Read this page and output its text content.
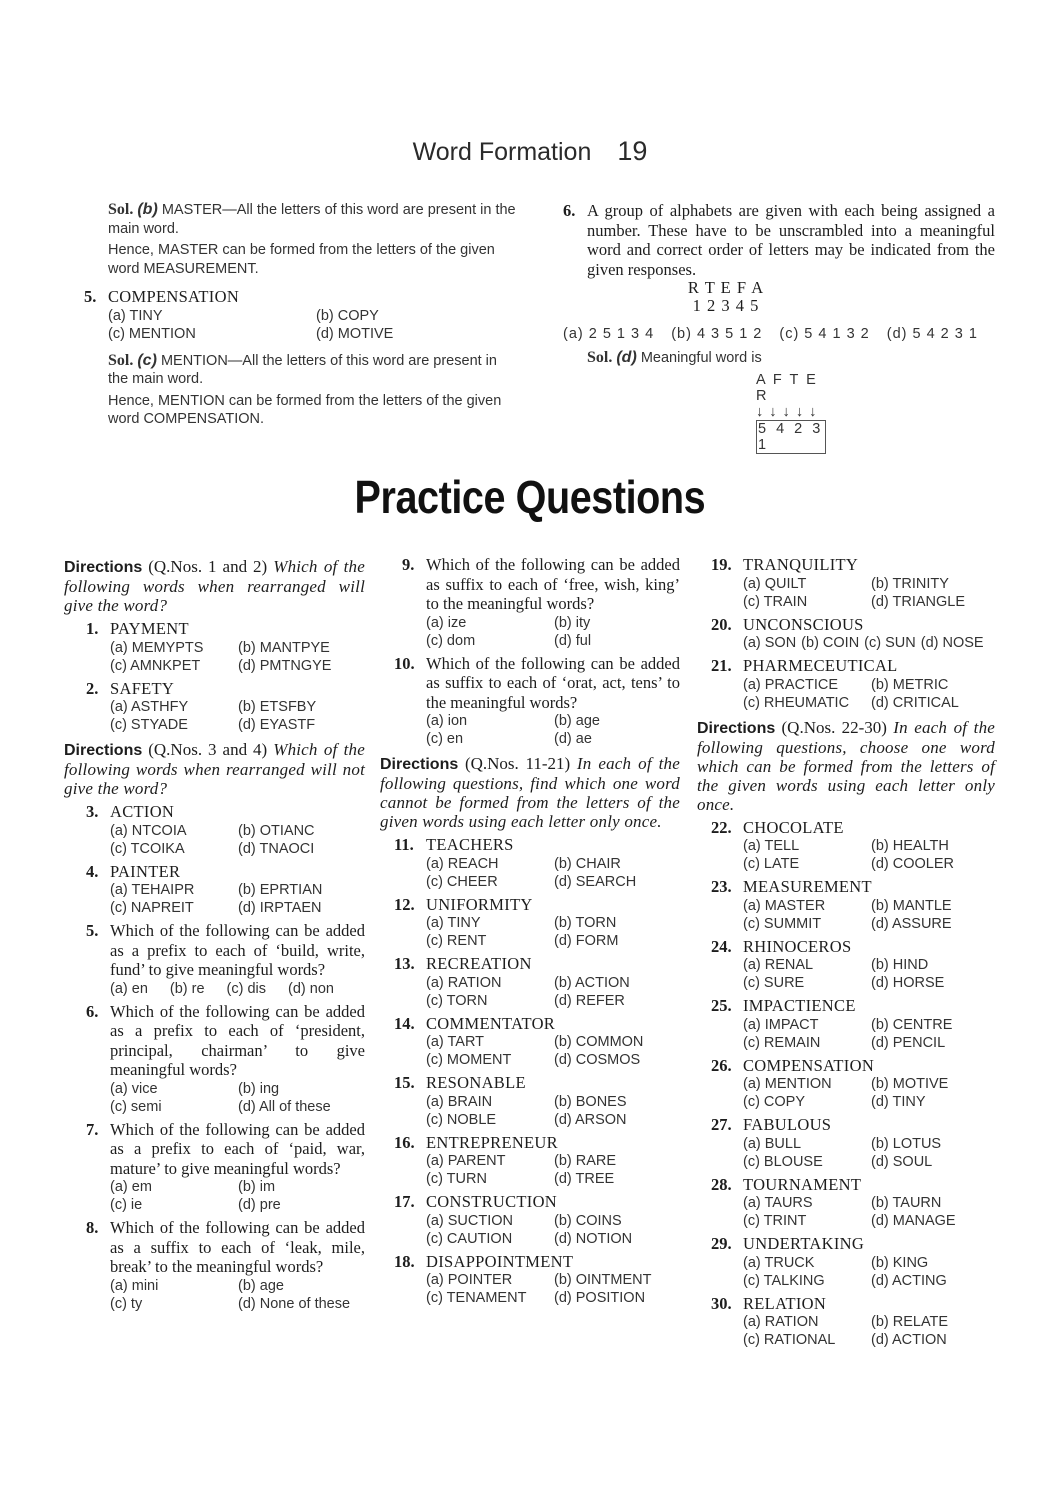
Word Formation 19

Sol. (b) MASTER—All the letters of this word are present in the main word.

Hence, MASTER can be formed from the letters of the given word MEASUREMENT.

5. COMPENSATION
(a) TINY	(b) COPY
(c) MENTION	(d) MOTIVE

Sol. (c) MENTION—All the letters of this word are present in the main word.

Hence, MENTION can be formed from the letters of the given word COMPENSATION.

6. A group of alphabets are given with each being assigned a number. These have to be unscrambled into a meaningful word and correct order of letters may be indicated from the given responses.
R T E F A
1 2 3 4 5
(a) 2 5 1 3 4 (b) 4 3 5 1 2 (c) 5 4 1 3 2 (d) 5 4 2 3 1

Sol. (d) Meaningful word is

A F T E R
↓ ↓ ↓ ↓ ↓
5 4 2 3 1
Practice Questions
Directions (Q.Nos. 1 and 2) Which of the following words when rearranged will give the word?
1. PAYMENT
(a) MEMYPTS	(b) MANTPYE
(c) AMNKPET	(d) PMTNGYE
2. SAFETY
(a) ASTHFY	(b) ETSFBY
(c) STYADE	(d) EYASTF
Directions (Q.Nos. 3 and 4) Which of the following words when rearranged will not give the word?
3. ACTION
(a) NTCOIA	(b) OTIANC
(c) TCOIKA	(d) TNAOCI
4. PAINTER
(a) TEHAIPR	(b) EPRTIAN
(c) NAPREIT	(d) IRPTAEN
5. Which of the following can be added as a prefix to each of ‘build, write, fund’ to give meaningful words?
(a) en (b) re (c) dis (d) non
6. Which of the following can be added as a prefix to each of ‘president, principal, chairman’ to give meaningful words?
(a) vice	(b) ing
(c) semi	(d) All of these
7. Which of the following can be added as a prefix to each of ‘paid, war, mature’ to give meaningful words?
(a) em	(b) im
(c) ie	(d) pre
8. Which of the following can be added as a suffix to each of ‘leak, mile, break’ to the meaningful words?
(a) mini	(b) age
(c) ty	(d) None of these
9. Which of the following can be added as suffix to each of ‘free, wish, king’ to the meaningful words?
(a) ize	(b) ity
(c) dom	(d) ful
10. Which of the following can be added as suffix to each of ‘orat, act, tens’ to the meaningful words?
(a) ion	(b) age
(c) en	(d) ae
Directions (Q.Nos. 11-21) In each of the following questions, find which one word cannot be formed from the letters of the given words using each letter only once.
11. TEACHERS
(a) REACH	(b) CHAIR
(c) CHEER	(d) SEARCH
12. UNIFORMITY
(a) TINY	(b) TORN
(c) RENT	(d) FORM
13. RECREATION
(a) RATION	(b) ACTION
(c) TORN	(d) REFER
14. COMMENTATOR
(a) TART	(b) COMMON
(c) MOMENT	(d) COSMOS
15. RESONABLE
(a) BRAIN	(b) BONES
(c) NOBLE	(d) ARSON
16. ENTREPRENEUR
(a) PARENT	(b) RARE
(c) TURN	(d) TREE
17. CONSTRUCTION
(a) SUCTION	(b) COINS
(c) CAUTION	(d) NOTION
18. DISAPPOINTMENT
(a) POINTER	(b) OINTMENT
(c) TENAMENT	(d) POSITION
19. TRANQUILITY
(a) QUILT	(b) TRINITY
(c) TRAIN	(d) TRIANGLE
20. UNCONSCIOUS
(a) SON (b) COIN (c) SUN (d) NOSE
21. PHARMECEUTICAL
(a) PRACTICE	(b) METRIC
(c) RHEUMATIC	(d) CRITICAL
Directions (Q.Nos. 22-30) In each of the following questions, choose one word which can be formed from the letters of the given words using each letter only once.
22. CHOCOLATE
(a) TELL	(b) HEALTH
(c) LATE	(d) COOLER
23. MEASUREMENT
(a) MASTER	(b) MANTLE
(c) SUMMIT	(d) ASSURE
24. RHINOCEROS
(a) RENAL	(b) HIND
(c) SURE	(d) HORSE
25. IMPACTIENCE
(a) IMPACT	(b) CENTRE
(c) REMAIN	(d) PENCIL
26. COMPENSATION
(a) MENTION	(b) MOTIVE
(c) COPY	(d) TINY
27. FABULOUS
(a) BULL	(b) LOTUS
(c) BLOUSE	(d) SOUL
28. TOURNAMENT
(a) TAURS	(b) TAURN
(c) TRINT	(d) MANAGE
29. UNDERTAKING
(a) TRUCK	(b) KING
(c) TALKING	(d) ACTING
30. RELATION
(a) RATION	(b) RELATE
(c) RATIONAL	(d) ACTION
